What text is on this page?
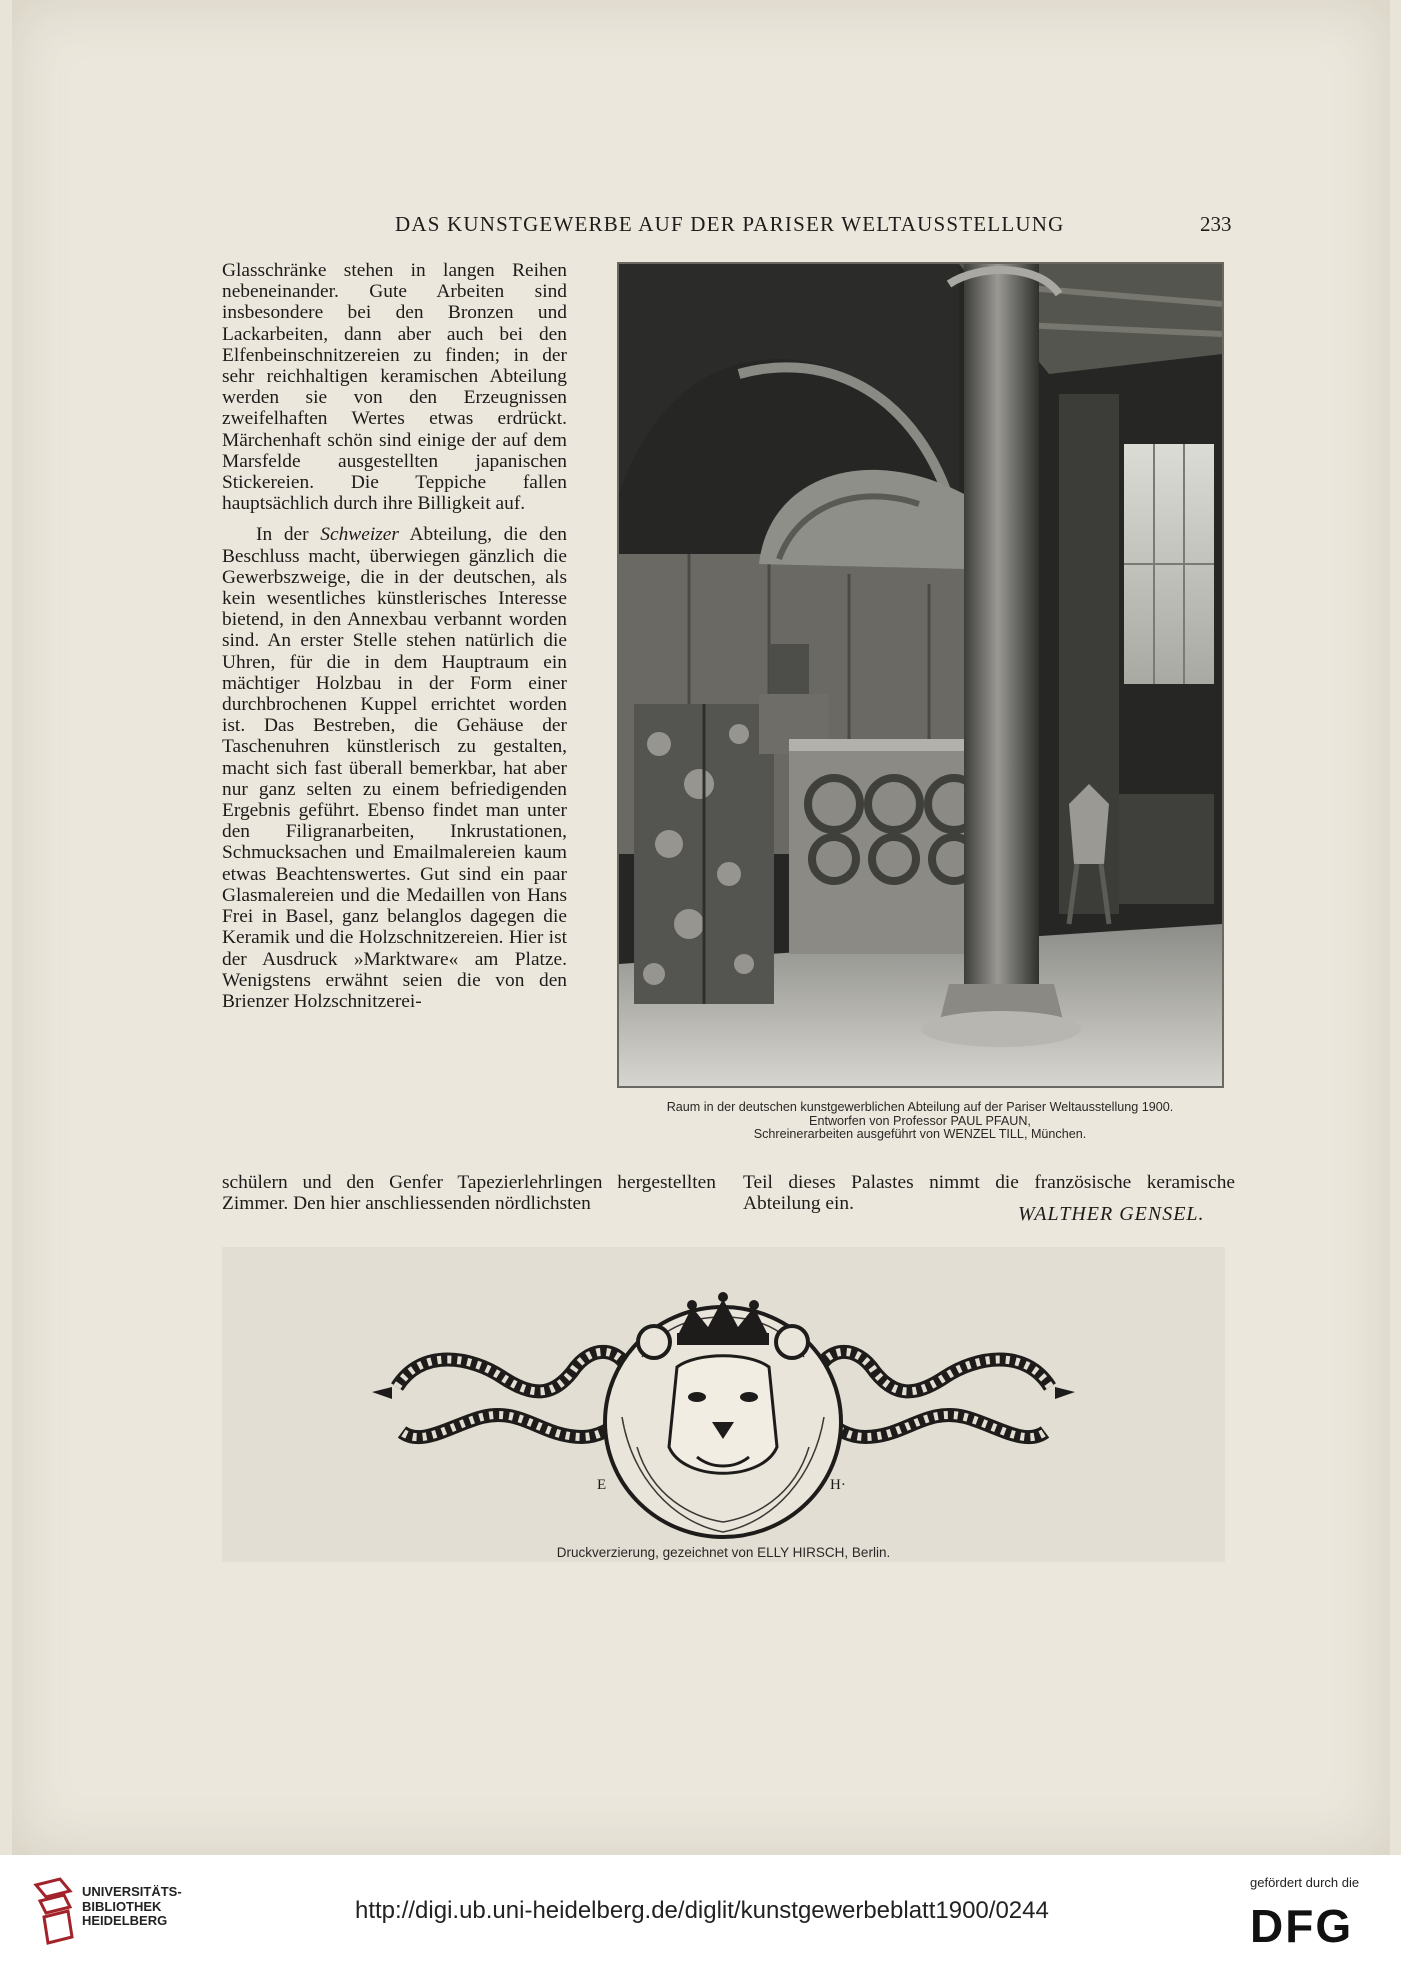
DAS KUNSTGEWERBE AUF DER PARISER WELTAUSSTELLUNG	233

Glasschränke stehen in langen Reihen nebeneinander. Gute Arbeiten sind insbesondere bei den Bronzen und Lackarbeiten, dann aber auch bei den Elfenbeinschnitzereien zu finden; in der sehr reichhaltigen keramischen Abteilung werden sie von den Erzeugnissen zweifelhaften Wertes etwas erdrückt. Märchenhaft schön sind einige der auf dem Marsfelde ausgestellten japanischen Stickereien. Die Teppiche fallen hauptsächlich durch ihre Billigkeit auf.

In der Schweizer Abteilung, die den Beschluss macht, überwiegen gänzlich die Gewerbszweige, die in der deutschen, als kein wesentliches künstlerisches Interesse bietend, in den Annexbau verbannt worden sind. An erster Stelle stehen natürlich die Uhren, für die in dem Hauptraum ein mächtiger Holzbau in der Form einer durchbrochenen Kuppel errichtet worden ist. Das Bestreben, die Gehäuse der Taschenuhren künstlerisch zu gestalten, macht sich fast überall bemerkbar, hat aber nur ganz selten zu einem befriedigenden Ergebnis geführt. Ebenso findet man unter den Filigranarbeiten, Inkrustationen, Schmucksachen und Emailmalereien kaum etwas Beachtenswertes. Gut sind ein paar Glasmalereien und die Medaillen von Hans Frei in Basel, ganz belanglos dagegen die Keramik und die Holzschnitzereien. Hier ist der Ausdruck »Marktware« am Platze. Wenigstens erwähnt seien die von den Brienzer Holzschnitzerei-

Raum in der deutschen kunstgewerblichen Abteilung auf der Pariser Weltausstellung 1900.
Entworfen von Professor PAUL PFAUN,
Schreinerarbeiten ausgeführt von WENZEL TILL, München.
schülern und den Genfer Tapezierlehrlingen hergestellten Zimmer. Den hier anschliessenden nördlichsten
Teil dieses Palastes nimmt die französische keramische Abteilung ein.	WALTHER GENSEL.
E	H·
Druckverzierung, gezeichnet von ELLY HIRSCH, Berlin.
UNIVERSITÄTS-
BIBLIOTHEK
HEIDELBERG	http://digi.ub.uni-heidelberg.de/diglit/kunstgewerbeblatt1900/0244
gefördert durch die
DFG
